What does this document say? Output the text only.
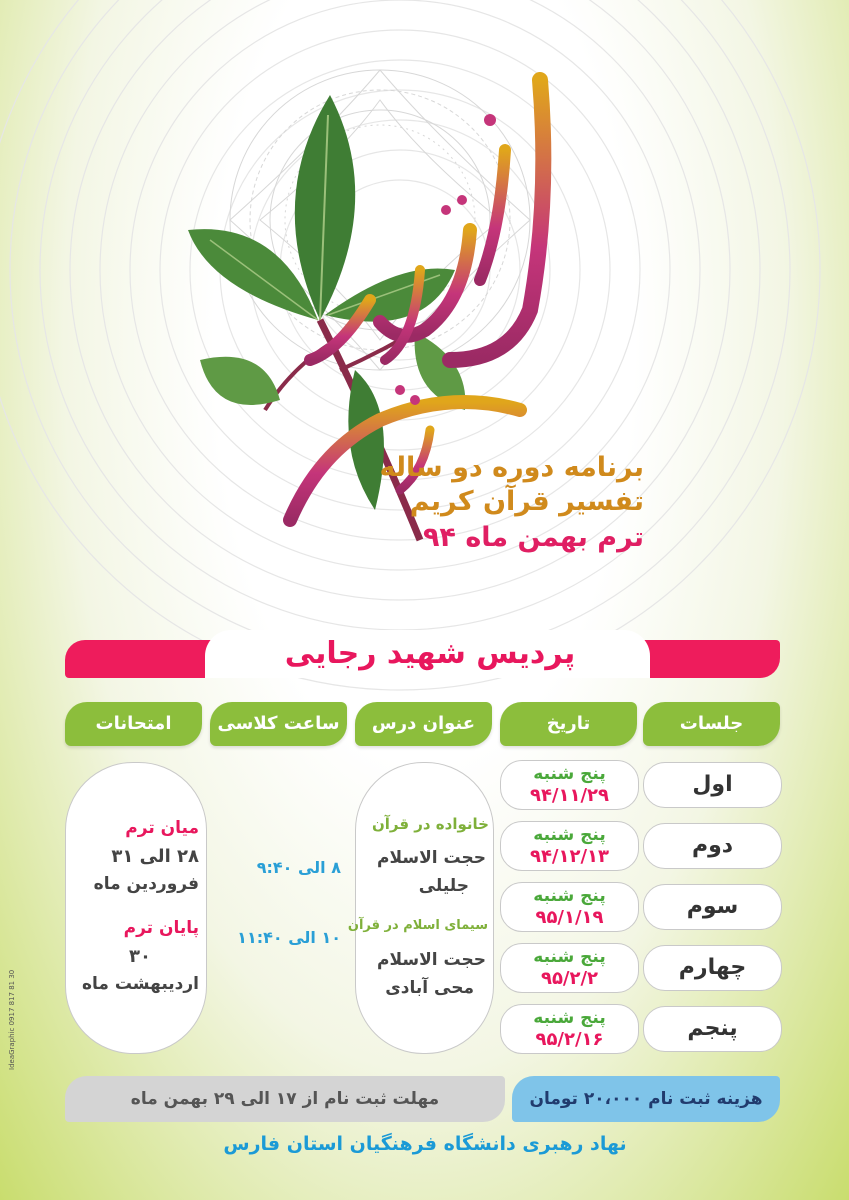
تفسیر قرآن کریم
برنامه دوره دو ساله
تفسیر قرآن کریم
ترم بهمن ماه ۹۴
پردیس شهید رجایی
جلسات
تاریخ
عنوان درس
ساعت کلاسی
امتحانات
اول
دوم
سوم
چهارم
پنجم
پنج شنبه
۹۴/۱۱/۲۹
پنج شنبه
۹۴/۱۲/۱۳
پنج شنبه
۹۵/۱/۱۹
پنج شنبه
۹۵/۲/۲
پنج شنبه
۹۵/۲/۱۶
خانواده در قرآن
حجت الاسلام
جلیلی
سیمای اسلام در قرآن
حجت الاسلام
محی آبادی
۸ الی ۹:۴۰
۱۰ الی ۱۱:۴۰
میان ترم
۲۸ الی ۳۱
فروردین ماه
پایان ترم
۳۰
اردیبهشت ماه
هزینه ثبت نام ۲۰،۰۰۰ تومان
مهلت ثبت نام از ۱۷ الی ۲۹ بهمن ماه
نهاد رهبری دانشگاه فرهنگیان استان فارس
IdeaGraphic 0917 817 81 30
